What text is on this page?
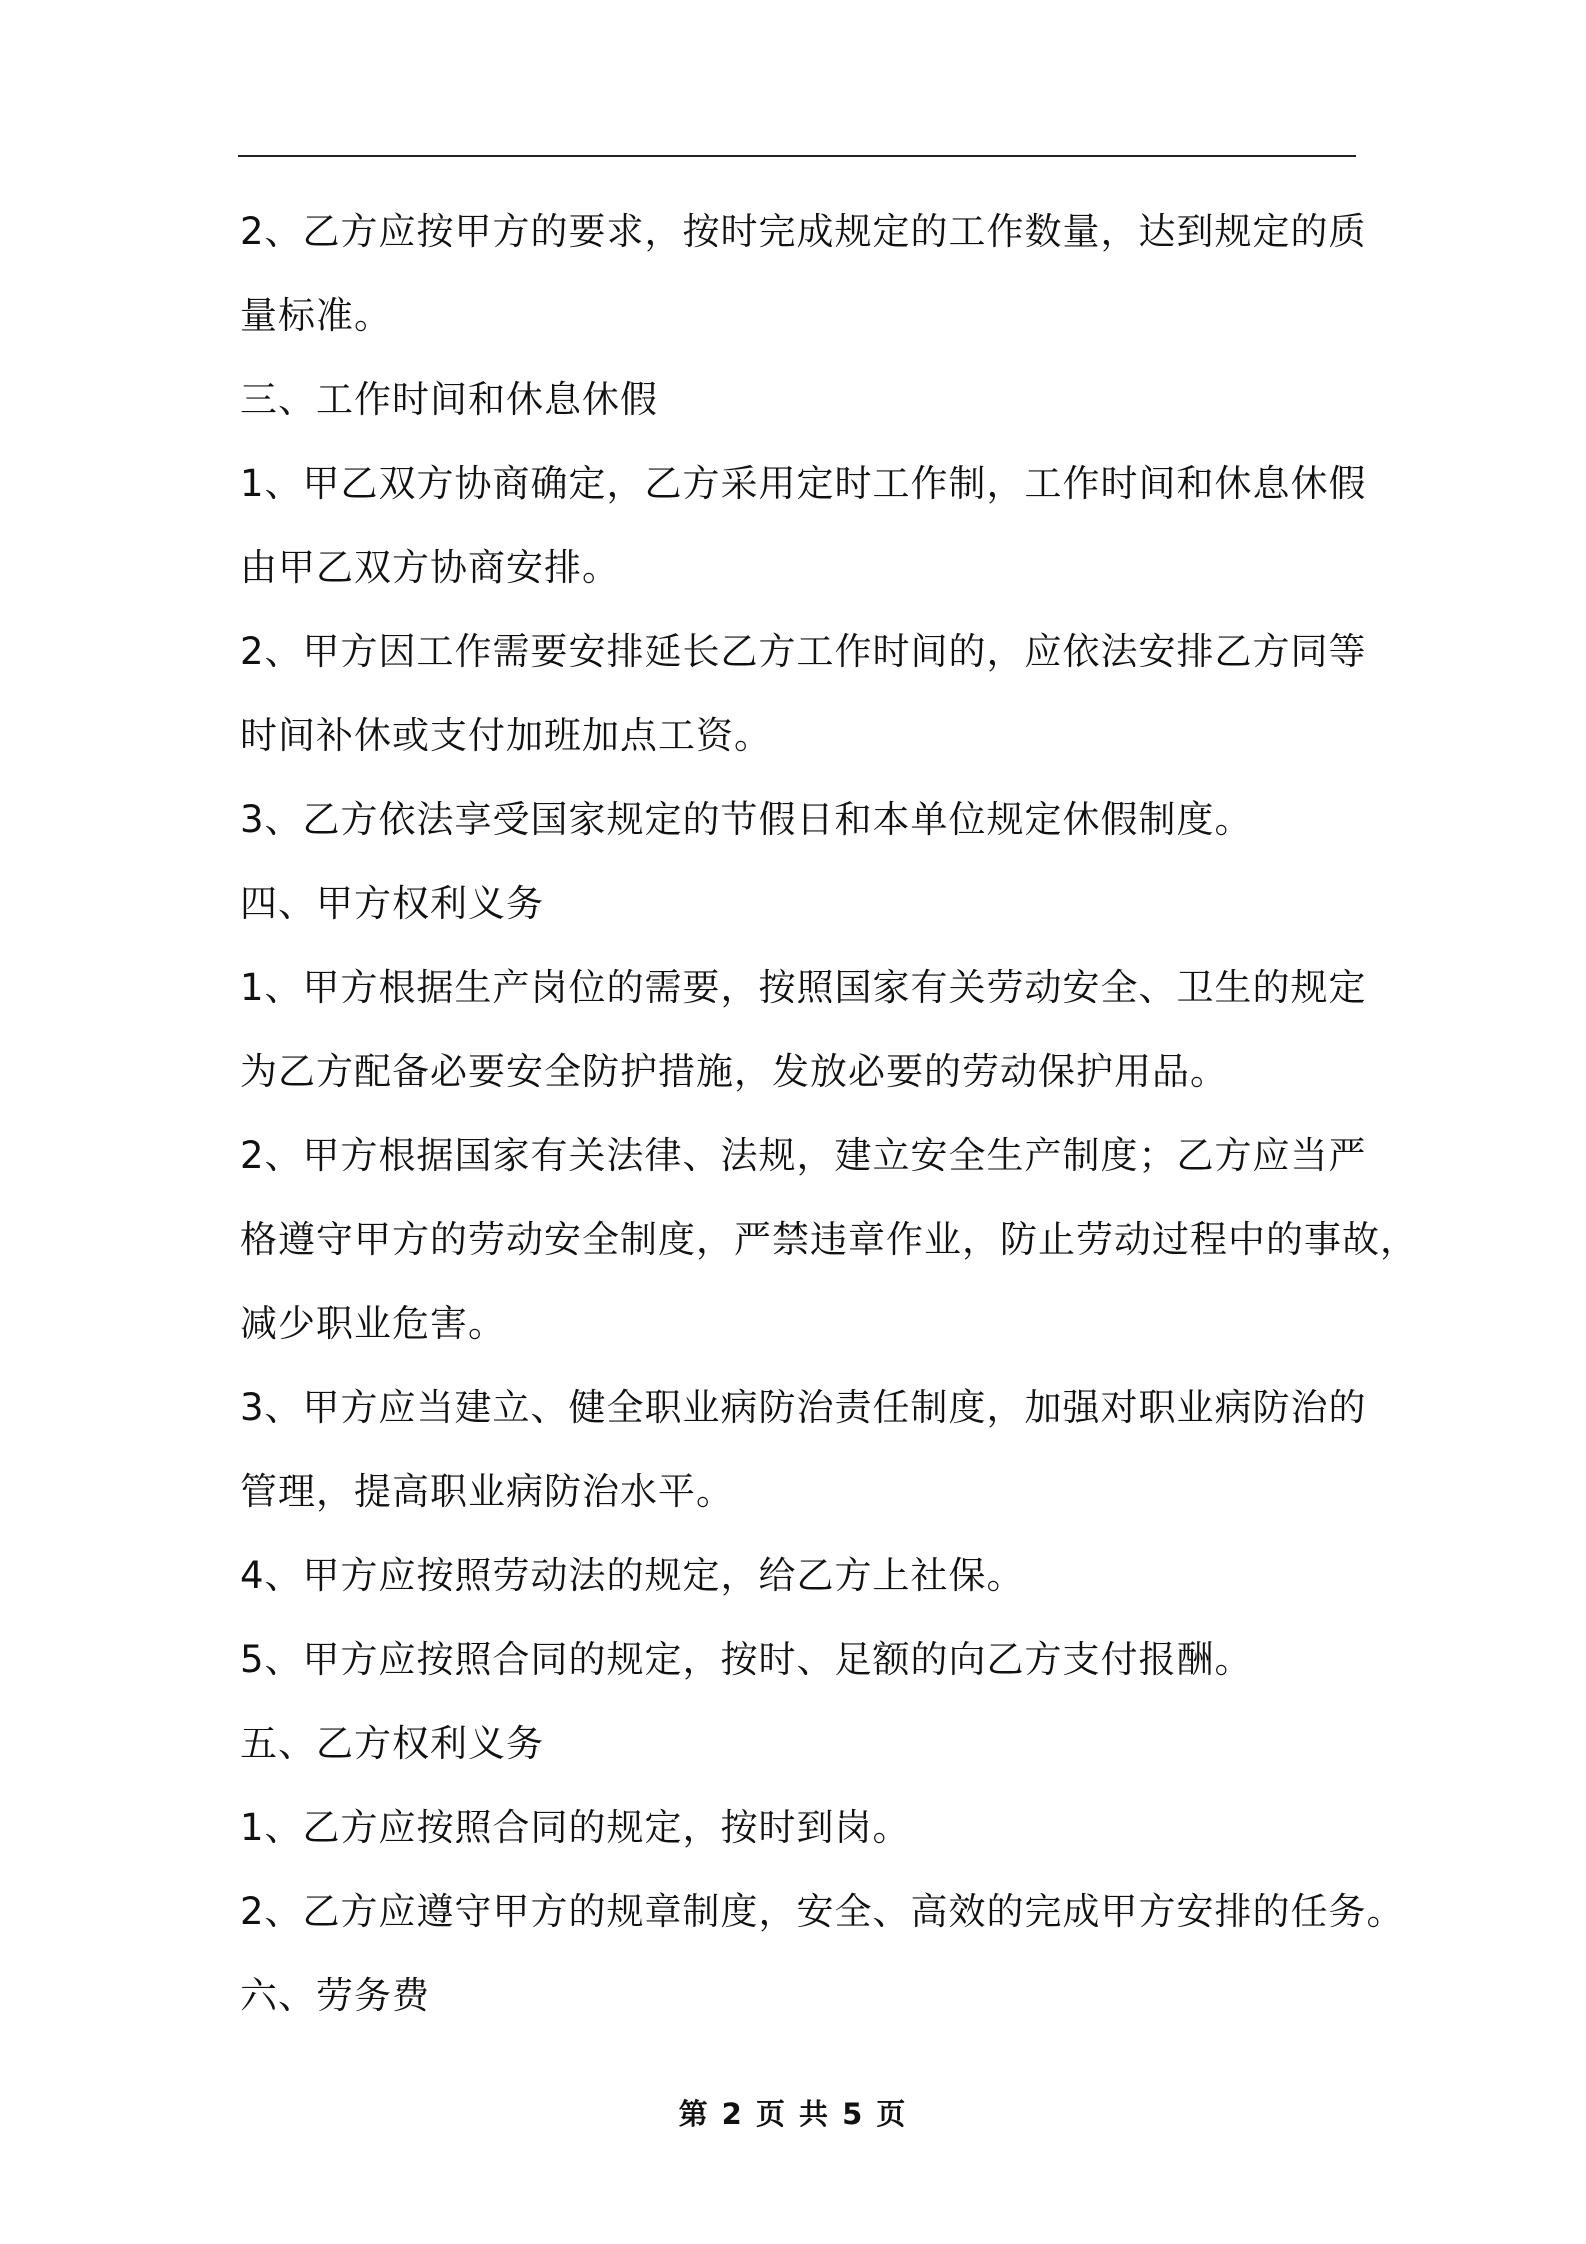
2、乙方应按甲方的要求，按时完成规定的工作数量，达到规定的质

量标准。

三、工作时间和休息休假

1、甲乙双方协商确定，乙方采用定时工作制，工作时间和休息休假

由甲乙双方协商安排。

2、甲方因工作需要安排延长乙方工作时间的，应依法安排乙方同等

时间补休或支付加班加点工资。

3、乙方依法享受国家规定的节假日和本单位规定休假制度。

四、甲方权利义务

1、甲方根据生产岗位的需要，按照国家有关劳动安全、卫生的规定

为乙方配备必要安全防护措施，发放必要的劳动保护用品。

2、甲方根据国家有关法律、法规，建立安全生产制度；乙方应当严

格遵守甲方的劳动安全制度，严禁违章作业，防止劳动过程中的事故，

减少职业危害。

3、甲方应当建立、健全职业病防治责任制度，加强对职业病防治的

管理，提高职业病防治水平。

4、甲方应按照劳动法的规定，给乙方上社保。

5、甲方应按照合同的规定，按时、足额的向乙方支付报酬。

五、乙方权利义务

1、乙方应按照合同的规定，按时到岗。

2、乙方应遵守甲方的规章制度，安全、高效的完成甲方安排的任务。

六、劳务费

第 2 页 共 5 页
